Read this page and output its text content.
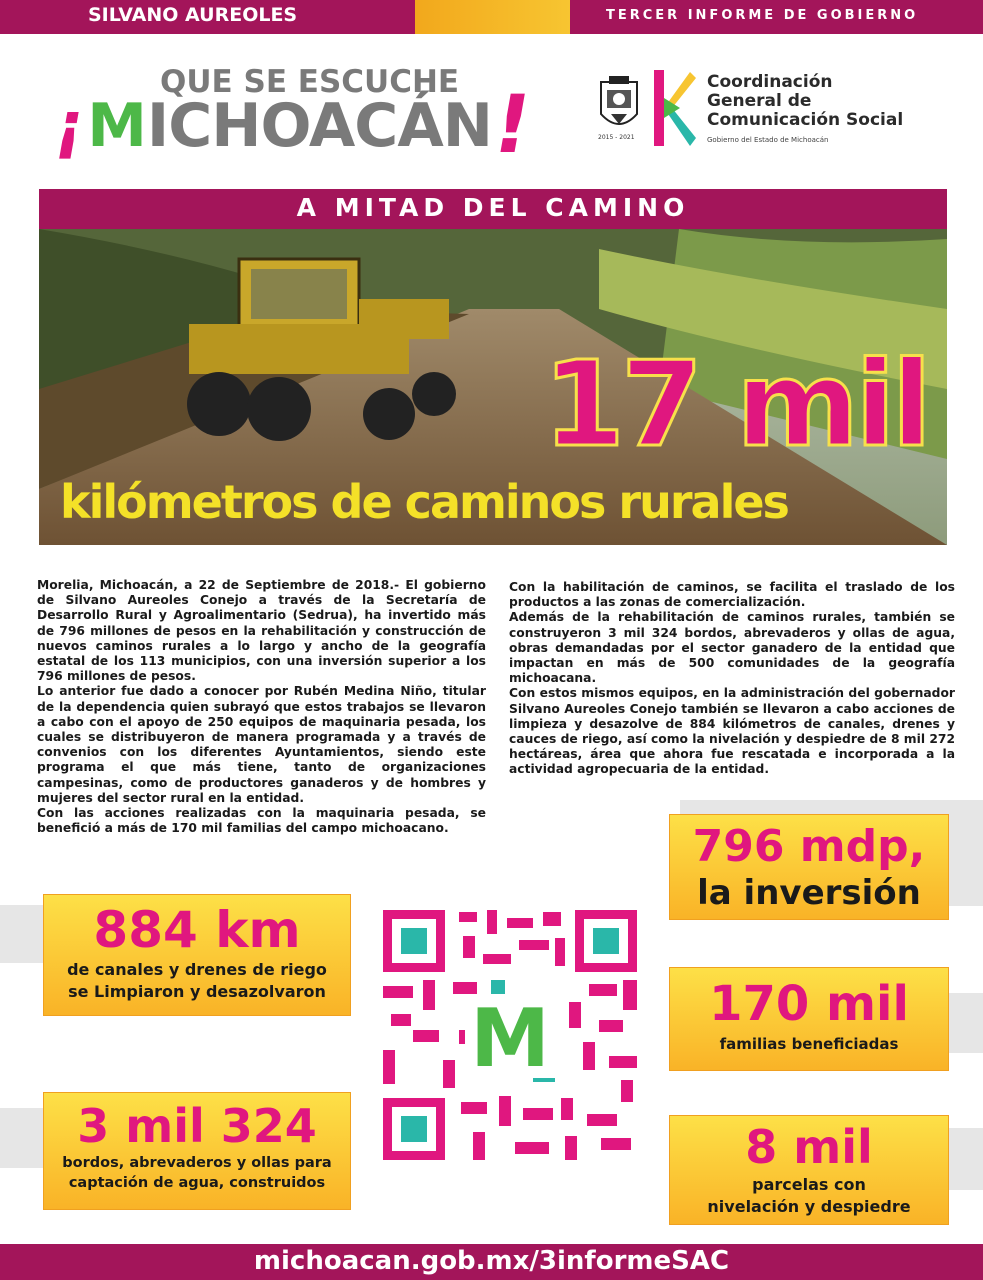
SILVANO AUREOLES	TERCER INFORME DE GOBIERNO
QUE SE ESCUCHE
¡
M ICHOACÁN
!	2015 - 2021
Coordinación
General de
Comunicación Social
Gobierno del Estado de Michoacán
A MITAD DEL CAMINO
17 mil
kilómetros de caminos rurales

Morelia, Michoacán, a 22 de Septiembre de 2018.- El gobierno de Silvano Aureoles Conejo a través de la Secretaría de Desarrollo Rural y Agroalimentario (Sedrua), ha invertido más de 796 millones de pesos en la rehabilitación y construcción de nuevos caminos rurales a lo largo y ancho de la geografía estatal de los 113 municipios, con una inversión superior a los 796 millones de pesos.

Lo anterior fue dado a conocer por Rubén Medina Niño, titular de la dependencia quien subrayó que estos trabajos se llevaron a cabo con el apoyo de 250 equipos de maquinaria pesada, los cuales se distribuyeron de manera programada y a través de convenios con los diferentes Ayuntamientos, siendo este programa el que más tiene, tanto de organizaciones campesinas, como de productores ganaderos y de hombres y mujeres del sector rural en la entidad.

Con las acciones realizadas con la maquinaria pesada, se benefició a más de 170 mil familias del campo michoacano.

Con la habilitación de caminos, se facilita el traslado de los productos a las zonas de comercialización.

Además de la rehabilitación de caminos rurales, también se construyeron 3 mil 324 bordos, abrevaderos y ollas de agua, obras demandadas por el sector ganadero de la entidad que impactan en más de 500 comunidades de la geografía michoacana.

Con estos mismos equipos, en la administración del gobernador Silvano Aureoles Conejo también se llevaron a cabo acciones de limpieza y desazolve de 884 kilómetros de canales, drenes y cauces de riego, así como la nivelación y despiedre de 8 mil 272 hectáreas, área que ahora fue rescatada e incorporada a la actividad agropecuaria de la entidad.

884 km
de canales y drenes de riego
se Limpiaron y desazolvaron
3 mil 324
bordos, abrevaderos y ollas para
captación de agua, construidos
796 mdp,
la inversión
170 mil
familias beneficiadas
8 mil
parcelas con
nivelación y despiedre
M
michoacan.gob.mx/3informeSAC
